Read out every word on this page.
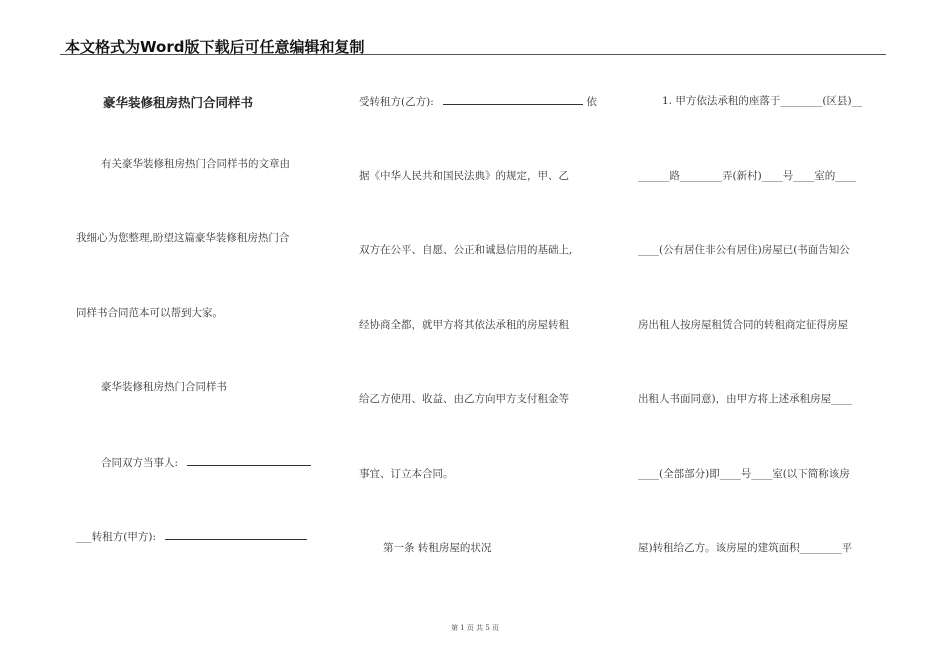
本文格式为Word版下载后可任意编辑和复制
豪华装修租房热门合同样书
有关豪华装修租房热门合同样书的文章由
我细心为您整理,盼望这篇豪华装修租房热门合
同样书合同范本可以帮到大家。
豪华装修租房热门合同样书
合同双方当事人:
___转租方(甲方):
受转租方(乙方):	依
据《中华人民共和国民法典》的规定，甲、乙
双方在公平、自愿、公正和诚恳信用的基础上,
经协商全都，就甲方将其依法承租的房屋转租
给乙方使用、收益、由乙方向甲方支付租金等
事宜、订立本合同。
第一条 转租房屋的状况
1. 甲方依法承租的座落于________(区县)__
______路________弄(新村)____号____室的____
____(公有居住非公有居住)房屋已(书面告知公
房出租人按房屋租赁合同的转租商定征得房屋
出租人书面同意)，由甲方将上述承租房屋____
____(全部部分)即____号____室(以下简称该房
屋)转租给乙方。该房屋的建筑面积________平
第 1 页 共 5 页
